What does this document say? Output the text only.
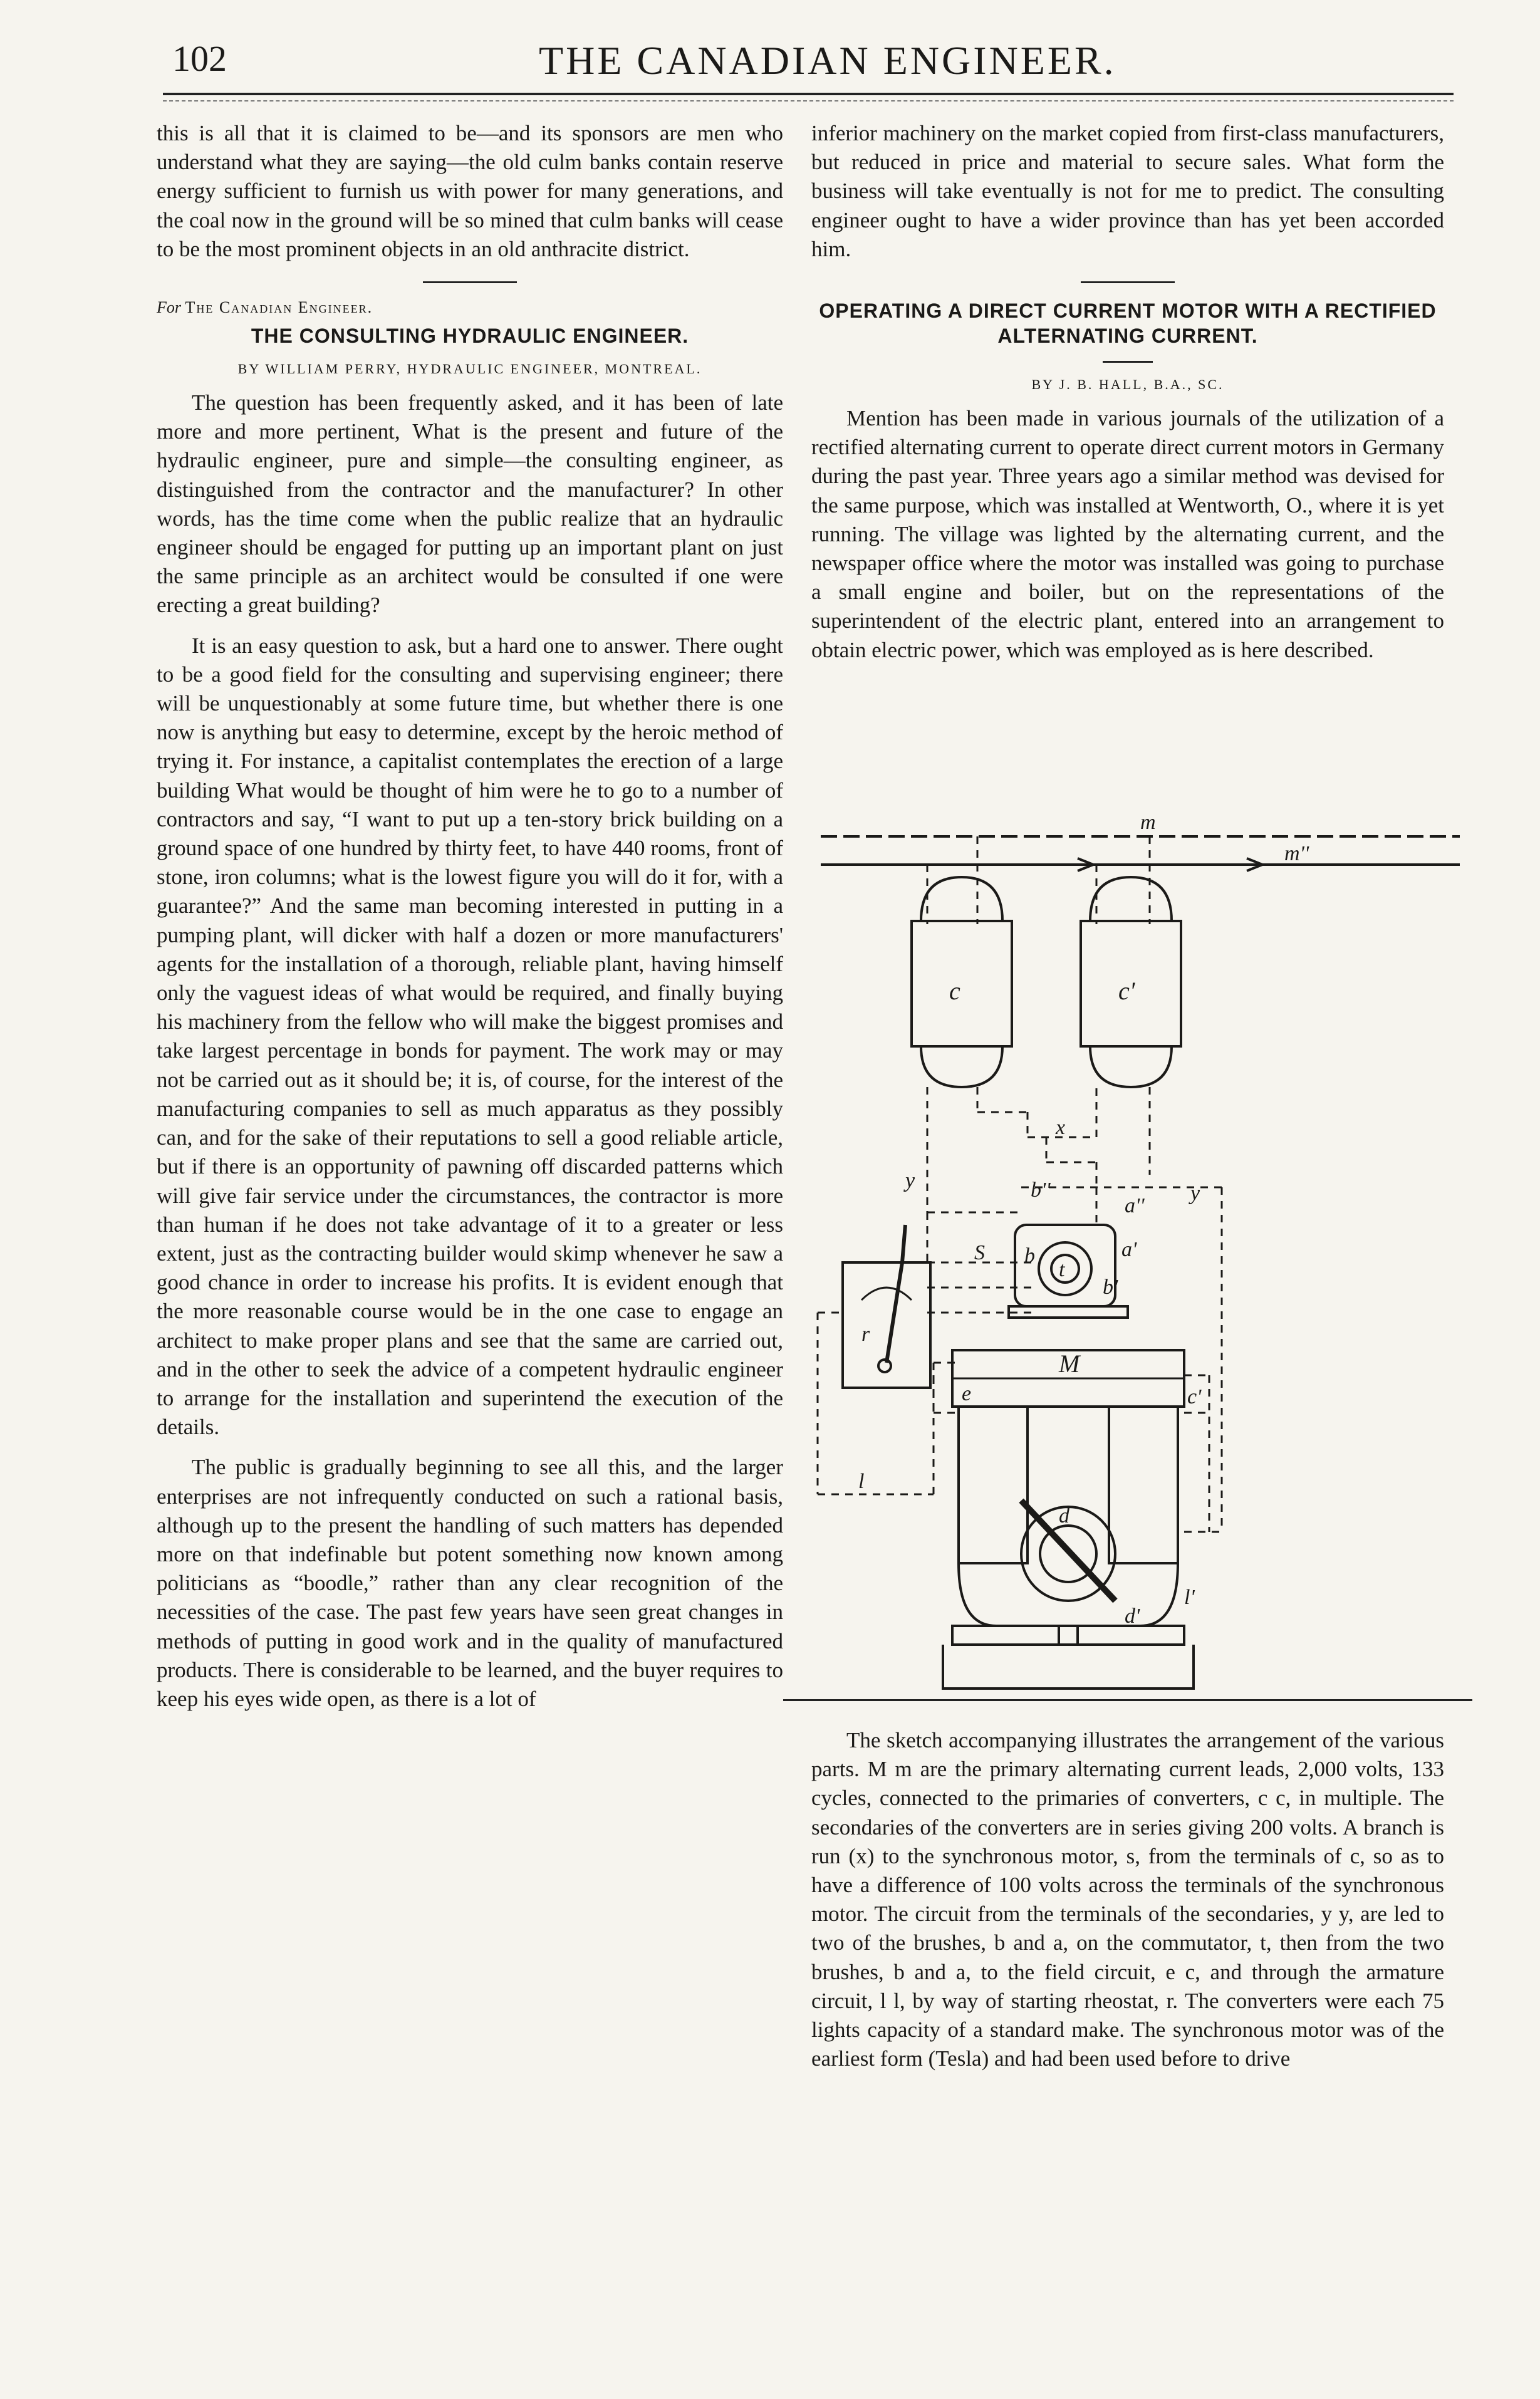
102	THE CANADIAN ENGINEER.

this is all that it is claimed to be—and its sponsors are men who understand what they are saying—the old culm banks contain reserve energy sufficient to furnish us with power for many generations, and the coal now in the ground will be so mined that culm banks will cease to be the most prominent objects in an old anthracite district.

For The Canadian Engineer.
THE CONSULTING HYDRAULIC ENGINEER.
BY WILLIAM PERRY, HYDRAULIC ENGINEER, MONTREAL.

The question has been frequently asked, and it has been of late more and more pertinent, What is the present and future of the hydraulic engineer, pure and simple—the consulting engineer, as distinguished from the contractor and the manufacturer? In other words, has the time come when the public realize that an hydraulic engineer should be engaged for putting up an important plant on just the same principle as an architect would be consulted if one were erecting a great building?

It is an easy question to ask, but a hard one to answer. There ought to be a good field for the consulting and supervising engineer; there will be unquestionably at some future time, but whether there is one now is anything but easy to determine, except by the heroic method of trying it. For instance, a capitalist contemplates the erection of a large building What would be thought of him were he to go to a number of contractors and say, “I want to put up a ten-story brick building on a ground space of one hundred by thirty feet, to have 440 rooms, front of stone, iron columns; what is the lowest figure you will do it for, with a guarantee?” And the same man becoming interested in putting in a pumping plant, will dicker with half a dozen or more manufacturers' agents for the installation of a thorough, reliable plant, having himself only the vaguest ideas of what would be required, and finally buying his machinery from the fellow who will make the biggest promises and take largest percentage in bonds for payment. The work may or may not be carried out as it should be; it is, of course, for the interest of the manufacturing companies to sell as much apparatus as they possibly can, and for the sake of their reputations to sell a good reliable article, but if there is an opportunity of pawning off discarded patterns which will give fair service under the circumstances, the contractor is more than human if he does not take advantage of it to a greater or less extent, just as the contracting builder would skimp whenever he saw a good chance in order to increase his profits. It is evident enough that the more reasonable course would be in the one case to engage an architect to make proper plans and see that the same are carried out, and in the other to seek the advice of a competent hydraulic engineer to arrange for the installation and superintend the execution of the details.

The public is gradually beginning to see all this, and the larger enterprises are not infrequently conducted on such a rational basis, although up to the present the handling of such matters has depended more on that indefinable but potent something now known among politicians as “boodle,” rather than any clear recognition of the necessities of the case. The past few years have seen great changes in methods of putting in good work and in the quality of manufactured products. There is considerable to be learned, and the buyer requires to keep his eyes wide open, as there is a lot of

inferior machinery on the market copied from first-class manufacturers, but reduced in price and material to secure sales. What form the business will take eventually is not for me to predict. The consulting engineer ought to have a wider province than has yet been accorded him.

OPERATING A DIRECT CURRENT MOTOR WITH A RECTIFIED ALTERNATING CURRENT.
BY J. B. HALL, B.A., SC.

Mention has been made in various journals of the utilization of a rectified alternating current to operate direct current motors in Germany during the past year. Three years ago a similar method was devised for the same purpose, which was installed at Wentworth, O., where it is yet running. The village was lighted by the alternating current, and the newspaper office where the motor was installed was going to purchase a small engine and boiler, but on the representations of the superintendent of the electric plant, entered into an arrangement to obtain electric power, which was employed as is here described.

m
m''
c	c'
x
y
y
b''
a''
S b
t
a'
b'
r
M
e	c'
l
d
d'
l'

The sketch accompanying illustrates the arrangement of the various parts. M m are the primary alternating current leads, 2,000 volts, 133 cycles, connected to the primaries of converters, c c, in multiple. The secondaries of the converters are in series giving 200 volts. A branch is run (x) to the synchronous motor, s, from the terminals of c, so as to have a difference of 100 volts across the terminals of the synchronous motor. The circuit from the terminals of the secondaries, y y, are led to two of the brushes, b and a, on the commutator, t, then from the two brushes, b and a, to the field circuit, e c, and through the armature circuit, l l, by way of starting rheostat, r. The converters were each 75 lights capacity of a standard make. The synchronous motor was of the earliest form (Tesla) and had been used before to drive
